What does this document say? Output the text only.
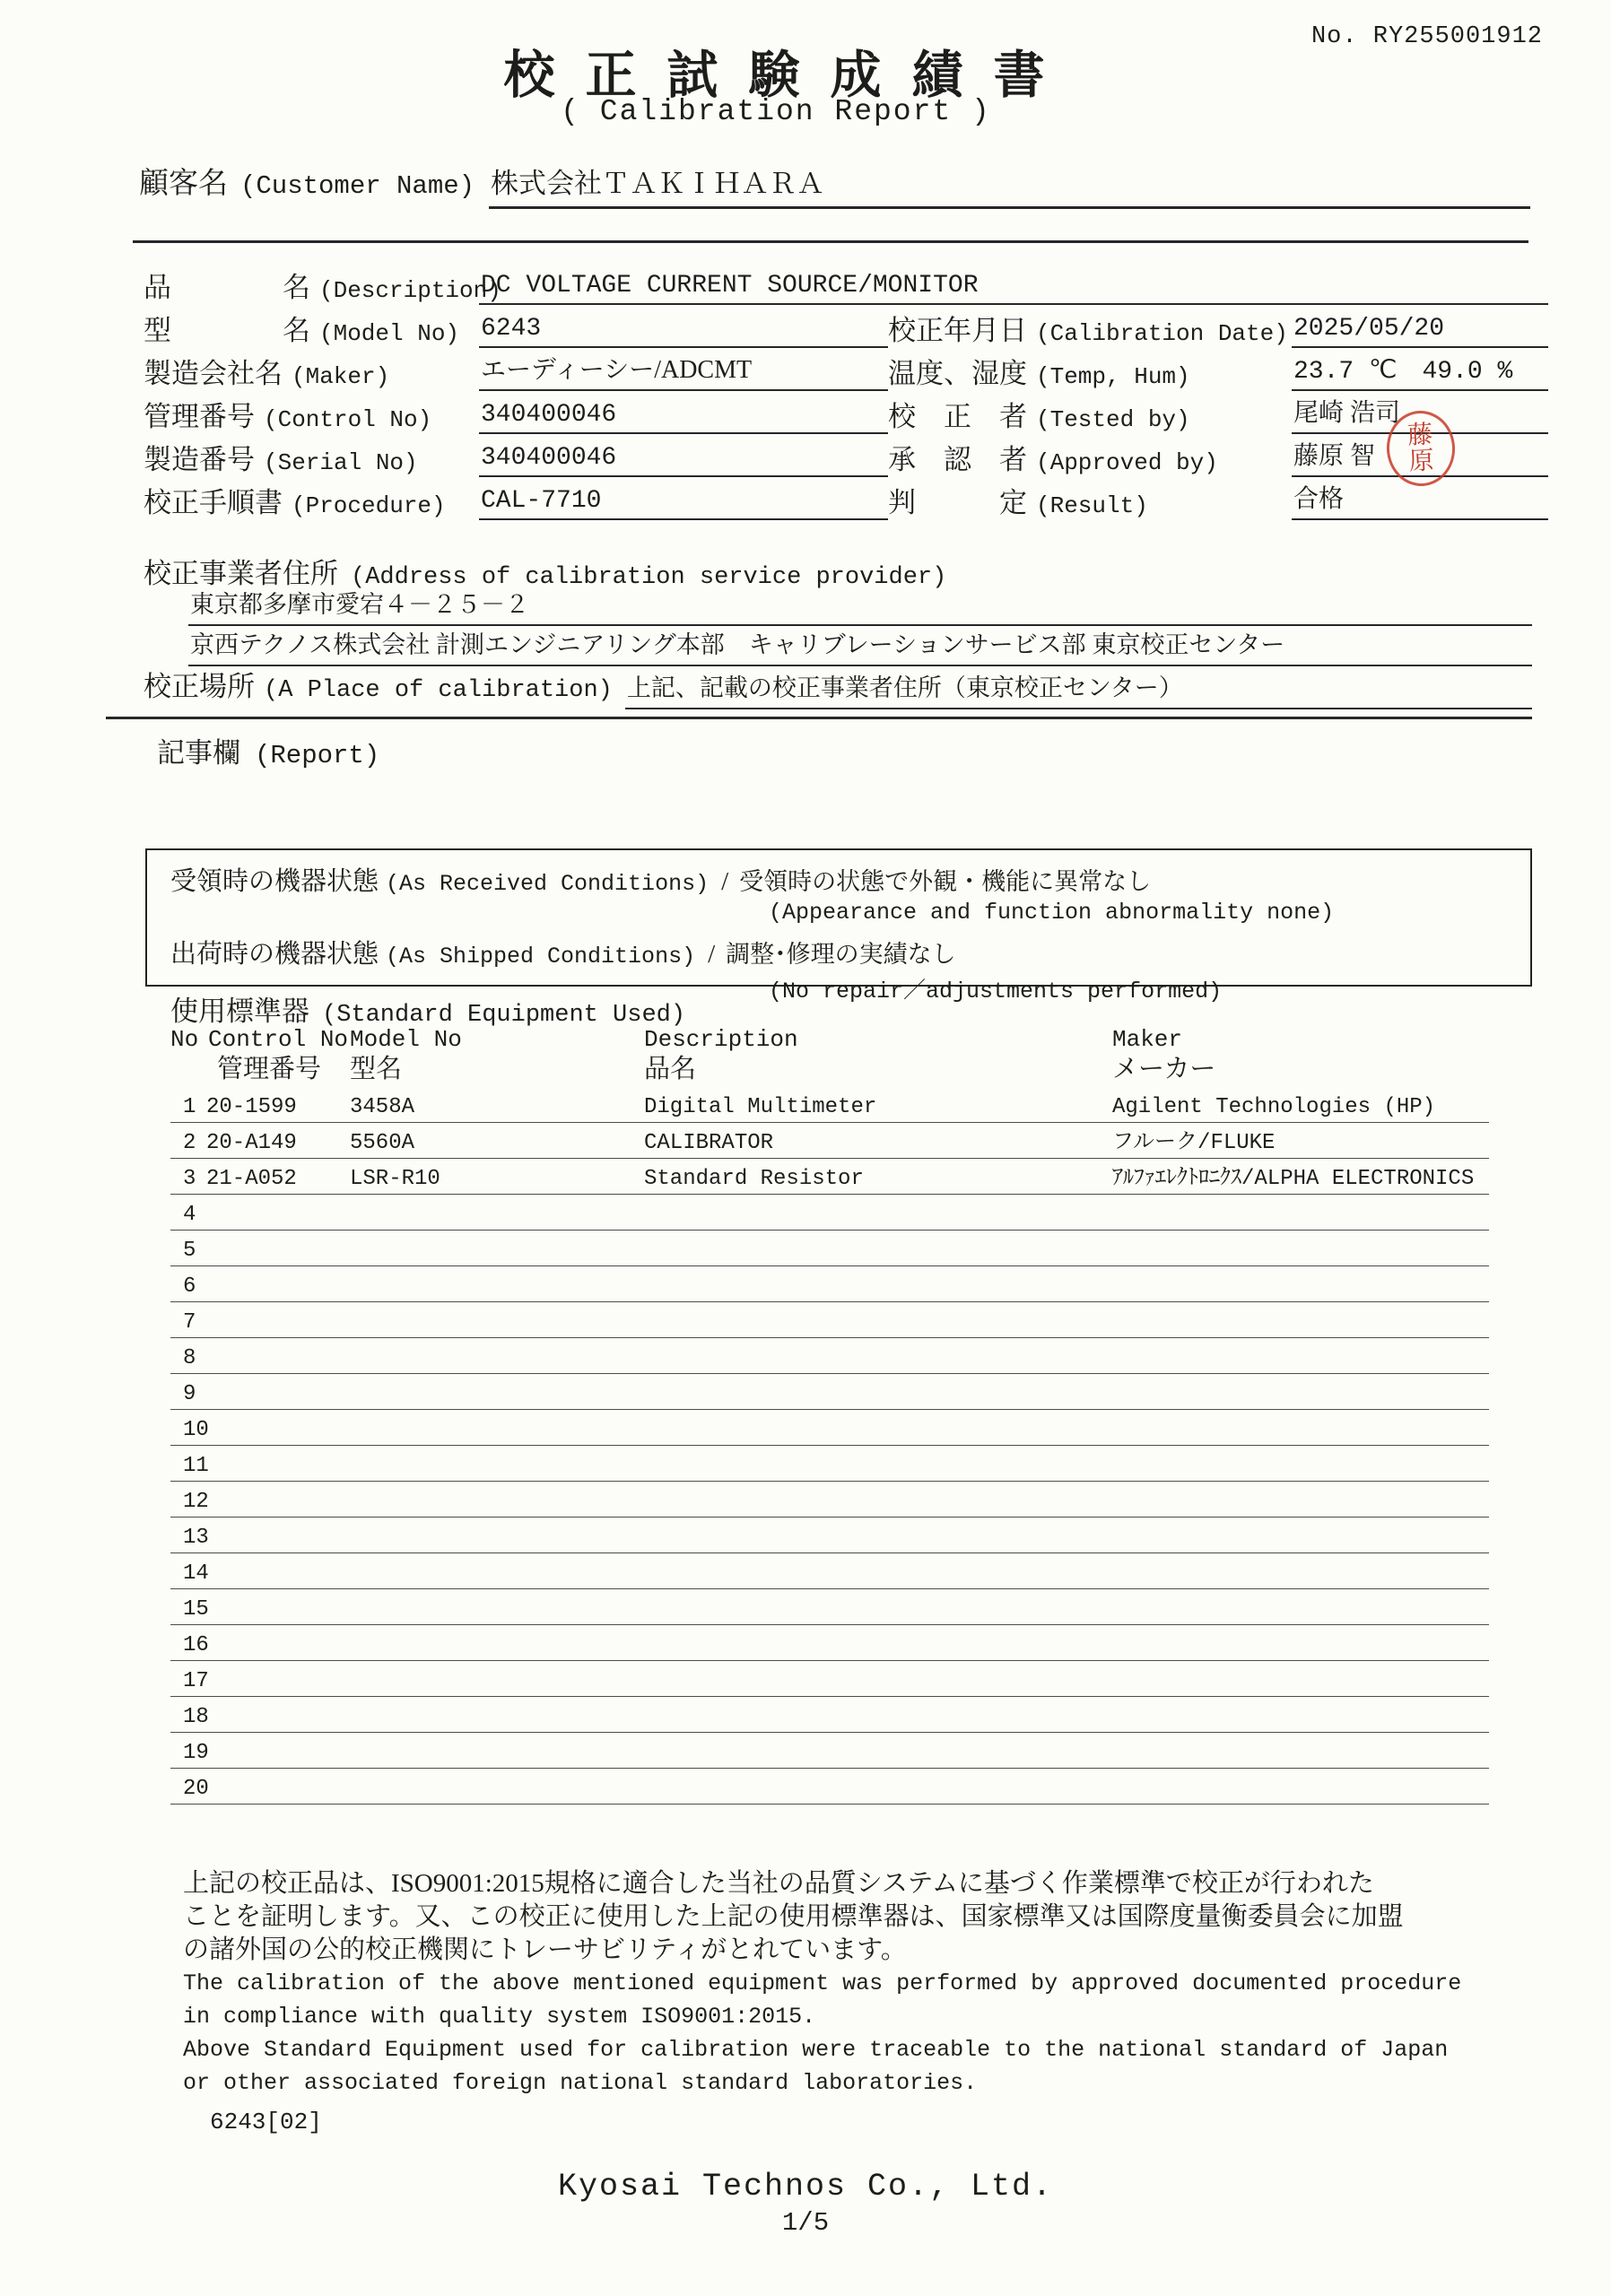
No. RY255001912
校正試験成績書
( Calibration Report )
顧客名 (Customer Name) 株式会社ＴＡＫＩＨＡＲＡ
品　　　　名 (Description)
DC VOLTAGE CURRENT SOURCE/MONITOR
型　　　　名 (Model No) 6243	校正年月日 (Calibration Date) 2025/05/20
製造会社名 (Maker)	エーディーシー/ADCMT	温度、湿度 (Temp, Hum)	23.7 ℃　49.0 %
管理番号 (Control No) 340400046	校　正　者 (Tested by)	尾崎 浩司
製造番号 (Serial No)	340400046	承　認　者 (Approved by)	藤原 智
校正手順書 (Procedure) CAL-7710	判　　　定 (Result)	合格
藤
原
校正事業者住所 (Address of calibration service provider)
東京都多摩市愛宕４－２５－２
京西テクノス株式会社 計測エンジニアリング本部　キャリブレーションサービス部 東京校正センター
校正場所 (A Place of calibration) 上記、記載の校正事業者住所（東京校正センター）
記事欄 (Report)
受領時の機器状態 (As Received Conditions) / 受領時の状態で外観・機能に異常なし
(Appearance and function abnormality none)
出荷時の機器状態 (As Shipped Conditions) / 調整･修理の実績なし
(No repair／adjustments performed)
使用標準器 (Standard Equipment Used)
No Control No Model No	Description	Maker
管理番号 型名	品名	メーカー
1 20-1599 3458A	Digital Multimeter	Agilent Technologies (HP)
2 20-A149 5560A	CALIBRATOR	フルーク/FLUKE
3 21-A052 LSR-R10	Standard Resistor	ｱﾙﾌｧｴﾚｸﾄﾛﾆｸｽ/ALPHA ELECTRONICS
4
5
6
7
8
9
10
11
12
13
14
15
16
17
18
19
20
上記の校正品は、ISO9001:2015規格に適合した当社の品質システムに基づく作業標準で校正が行われた
ことを証明します。又、この校正に使用した上記の使用標準器は、国家標準又は国際度量衡委員会に加盟
の諸外国の公的校正機関にトレーサビリティがとれています。
The calibration of the above mentioned equipment was performed by approved documented procedure
in compliance with quality system ISO9001:2015.
Above Standard Equipment used for calibration were traceable to the national standard of Japan
or other associated foreign national standard laboratories.
6243[02]
Kyosai Technos Co., Ltd.
1/5
